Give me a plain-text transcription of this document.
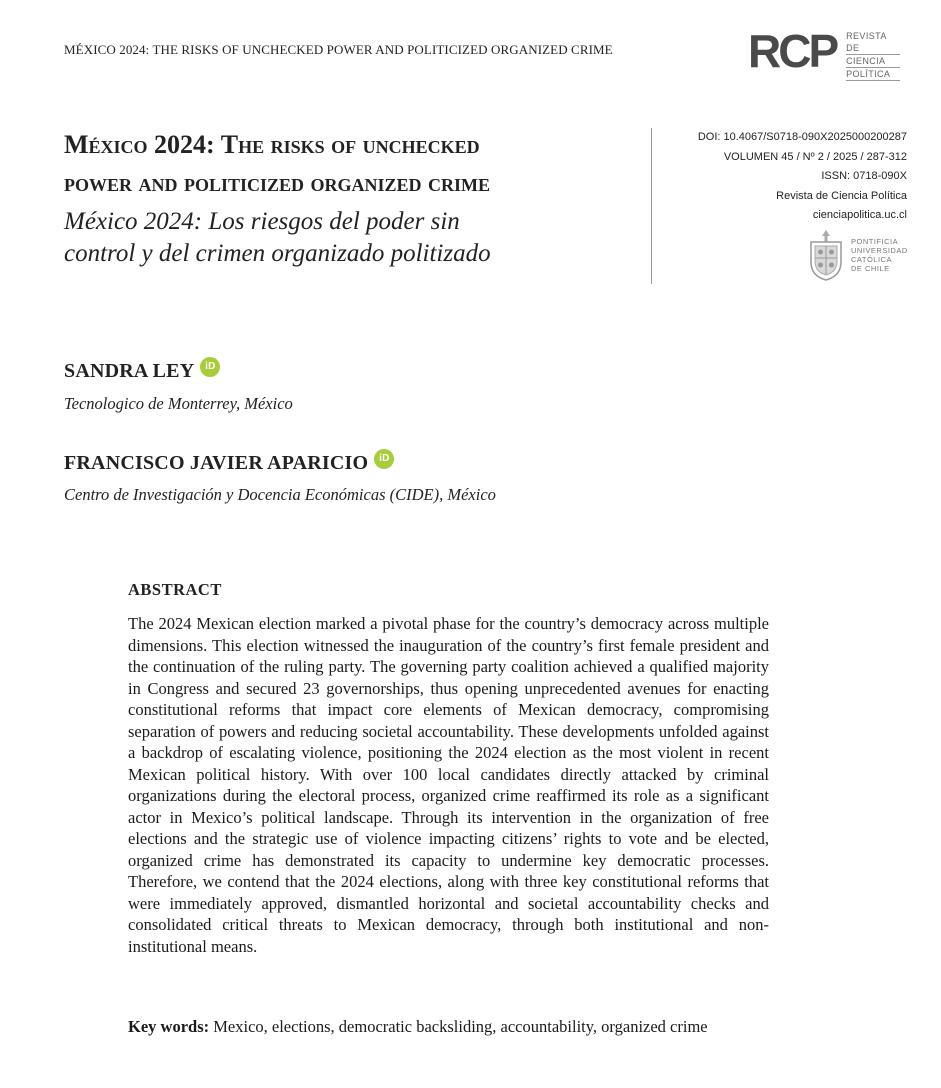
MÉXICO 2024: THE RISKS OF UNCHECKED POWER AND POLITICIZED ORGANIZED CRIME	RCP REVISTA DE
CIENCIA
POLÍTICA
México 2024: The risks of unchecked
power and politicized organized crime
México 2024: Los riesgos del poder sin
control y del crimen organizado politizado
DOI: 10.4067/S0718-090X2025000200287
VOLUMEN 45 / Nº 2 / 2025 / 287-312
ISSN: 0718-090X
Revista de Ciencia Política
cienciapolitica.uc.cl
PONTIFICIA
UNIVERSIDAD
CATÓLICA
DE CHILE
SANDRA LEY	iD
Tecnologico de Monterrey, México
FRANCISCO JAVIER APARICIO	iD
Centro de Investigación y Docencia Económicas (CIDE), México
ABSTRACT

The 2024 Mexican election marked a pivotal phase for the country’s democracy across multiple dimensions. This election witnessed the inauguration of the country’s first female president and the continuation of the ruling party. The governing party coalition achieved a qualified majority in Congress and secured 23 governorships, thus opening unprecedented avenues for enacting constitutional reforms that impact core elements of Mexican democracy, compromising separation of powers and reducing societal accountability. These developments unfolded against a backdrop of escalating violence, positioning the 2024 election as the most violent in recent Mexican political history. With over 100 local candidates directly attacked by criminal organizations during the electoral process, organized crime reaffirmed its role as a significant actor in Mexico’s political landscape. Through its intervention in the organization of free elections and the strategic use of violence impacting citizens’ rights to vote and be elected, organized crime has demonstrated its capacity to undermine key democratic processes. Therefore, we contend that the 2024 elections, along with three key constitutional reforms that were immediately approved, dismantled horizontal and societal accountability checks and consolidated critical threats to Mexican democracy, through both institutional and non-institutional means.

Key words: Mexico, elections, democratic backsliding, accountability, organized crime
